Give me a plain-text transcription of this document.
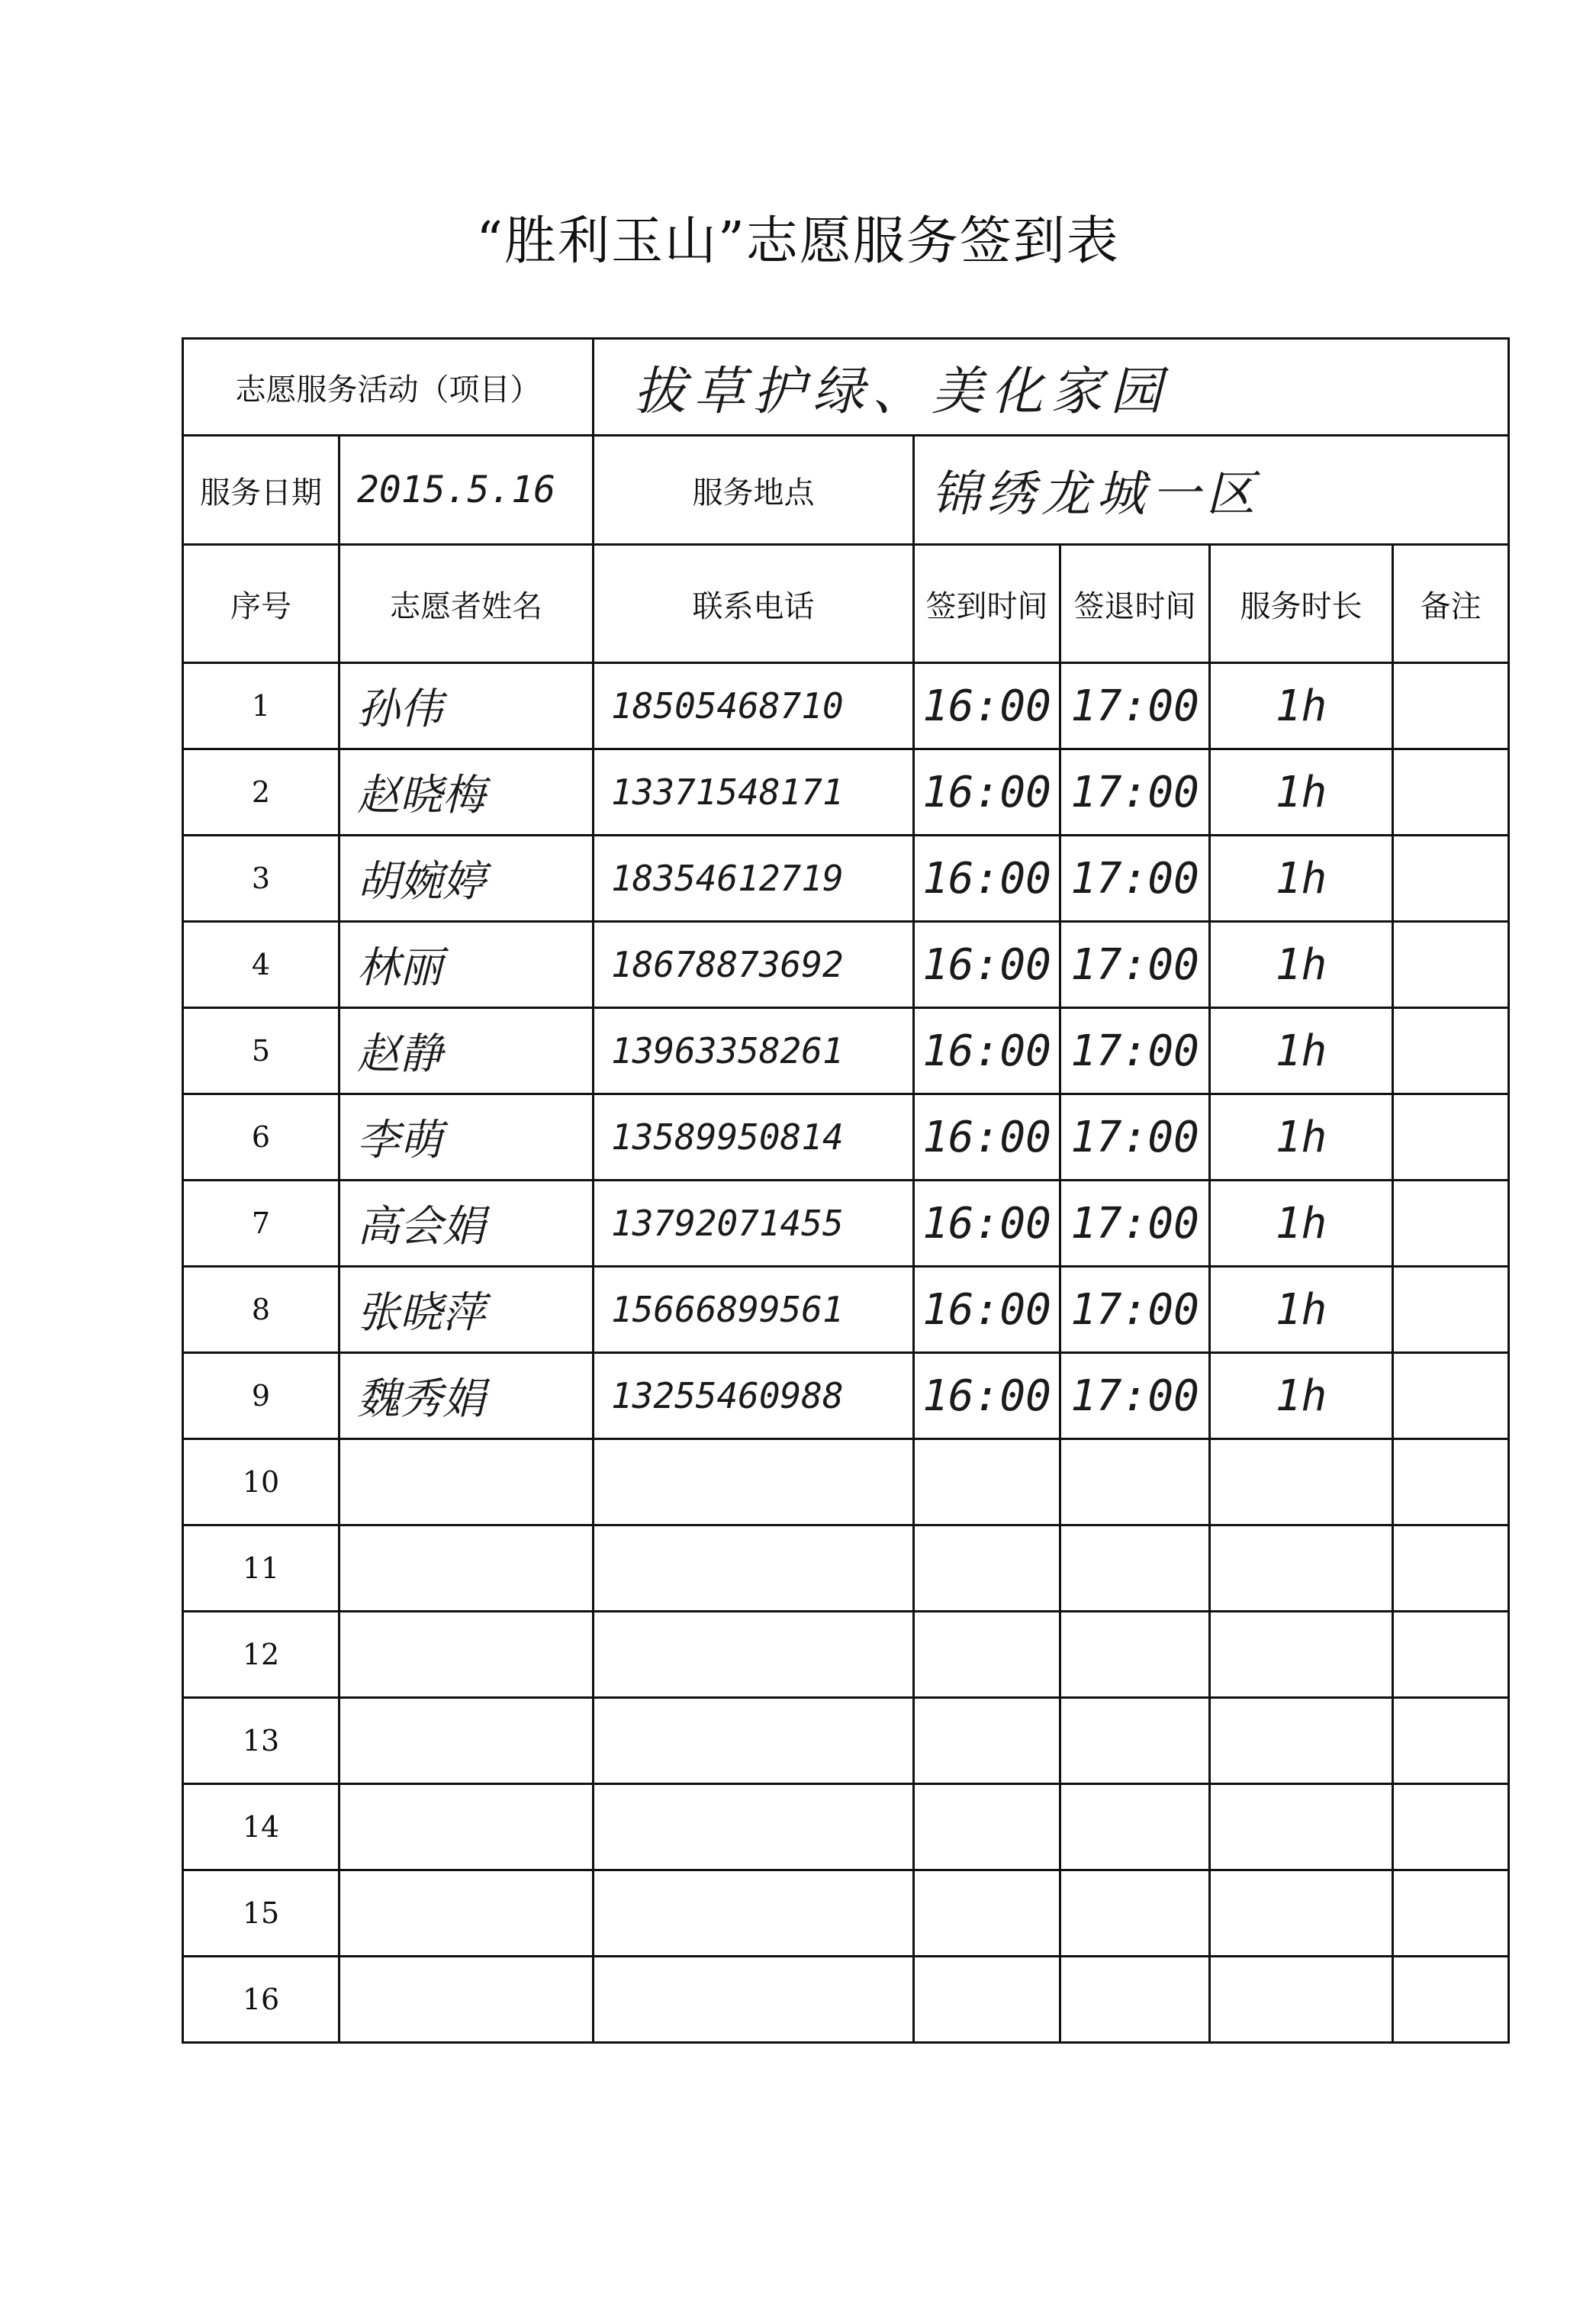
“胜利玉山”志愿服务签到表
志愿服务活动（项目）		拔草护绿、美化家园				
服务日期	2015.5.16	服务地点	锦绣龙城一区			
序号	志愿者姓名	联系电话	签到时间	签退时间	服务时长	备注
1	孙伟	18505468710	16:00	17:00	1h	
2	赵晓梅	13371548171	16:00	17:00	1h	
3	胡婉婷	18354612719	16:00	17:00	1h	
4	林丽	18678873692	16:00	17:00	1h	
5	赵静	13963358261	16:00	17:00	1h	
6	李萌	13589950814	16:00	17:00	1h	
7	高会娟	13792071455	16:00	17:00	1h	
8	张晓萍	15666899561	16:00	17:00	1h	
9	魏秀娟	13255460988	16:00	17:00	1h	
10						
11						
12						
13						
14						
15						
16						
